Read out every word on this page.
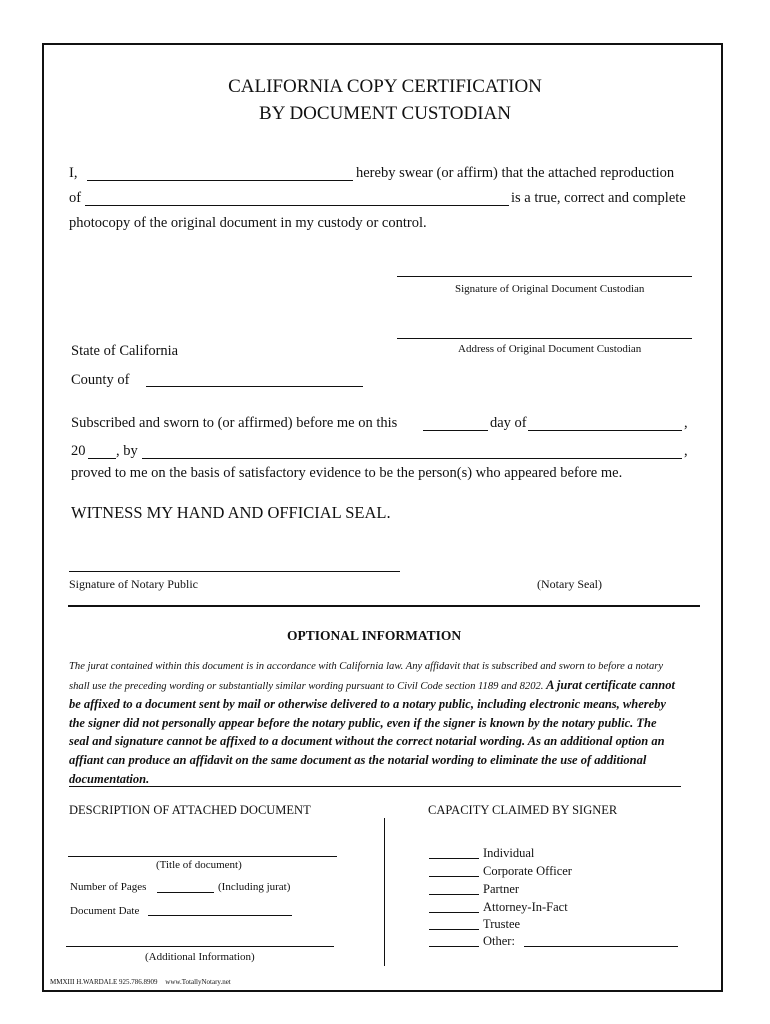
CALIFORNIA COPY CERTIFICATION
BY DOCUMENT CUSTODIAN
I,	hereby swear (or affirm) that the attached reproduction
of	is a true, correct and complete
photocopy of the original document in my custody or control.
Signature of Original Document Custodian
Address of Original Document Custodian
State of California
County of
Subscribed and sworn to (or affirmed) before me on this	day of	,
20 , by	,
proved to me on the basis of satisfactory evidence to be the person(s) who appeared before me.
WITNESS MY HAND AND OFFICIAL SEAL.
Signature of Notary Public	(Notary Seal)
OPTIONAL INFORMATION
The jurat contained within this document is in accordance with California law. Any affidavit that is subscribed and sworn to before a notary
shall use the preceding wording or substantially similar wording pursuant to Civil Code section 1189 and 8202. A jurat certificate cannot
be affixed to a document sent by mail or otherwise delivered to a notary public, including electronic means, whereby
the signer did not personally appear before the notary public, even if the signer is known by the notary public. The
seal and signature cannot be affixed to a document without the correct notarial wording. As an additional option an
affiant can produce an affidavit on the same document as the notarial wording to eliminate the use of additional
documentation.
DESCRIPTION OF ATTACHED DOCUMENT
(Title of document)
Number of Pages	(Including jurat)
Document Date
(Additional Information)
CAPACITY CLAIMED BY SIGNER
Individual
Corporate Officer
Partner
Attorney-In-Fact
Trustee
Other:
MMXIII H.WARDALE 925.786.8909 www.TotallyNotary.net
